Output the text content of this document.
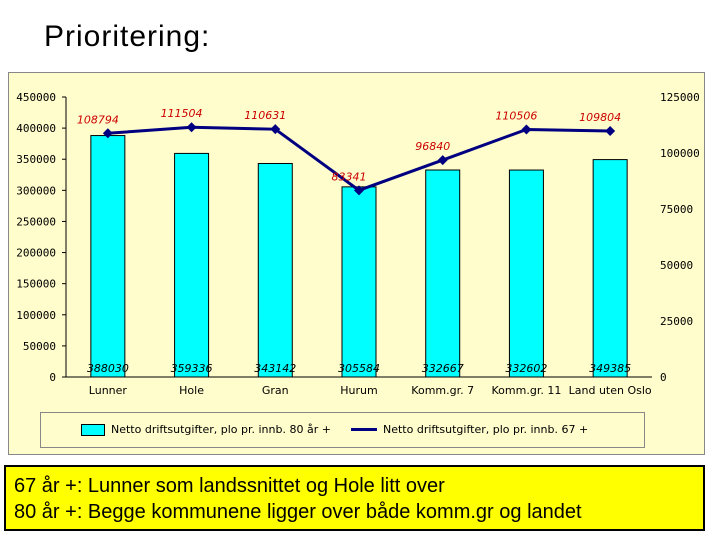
Prioritering:
0
50000
100000
150000
200000
250000
300000
350000
400000
450000
0
25000
50000
75000
100000
125000
388030	359336	343142	305584	332667	332602	349385
Lunner	Hole	Gran	Hurum	Komm.gr. 7 Komm.gr. 11 Land uten Oslo
108794	111504	110631
83341
96840
110506	109804
Netto driftsutgifter, plo pr. innb. 80 år +	Netto driftsutgifter, plo pr. innb. 67 +
67 år +: Lunner som landssnittet og Hole litt over
80 år +: Begge kommunene ligger over både komm.gr og landet
